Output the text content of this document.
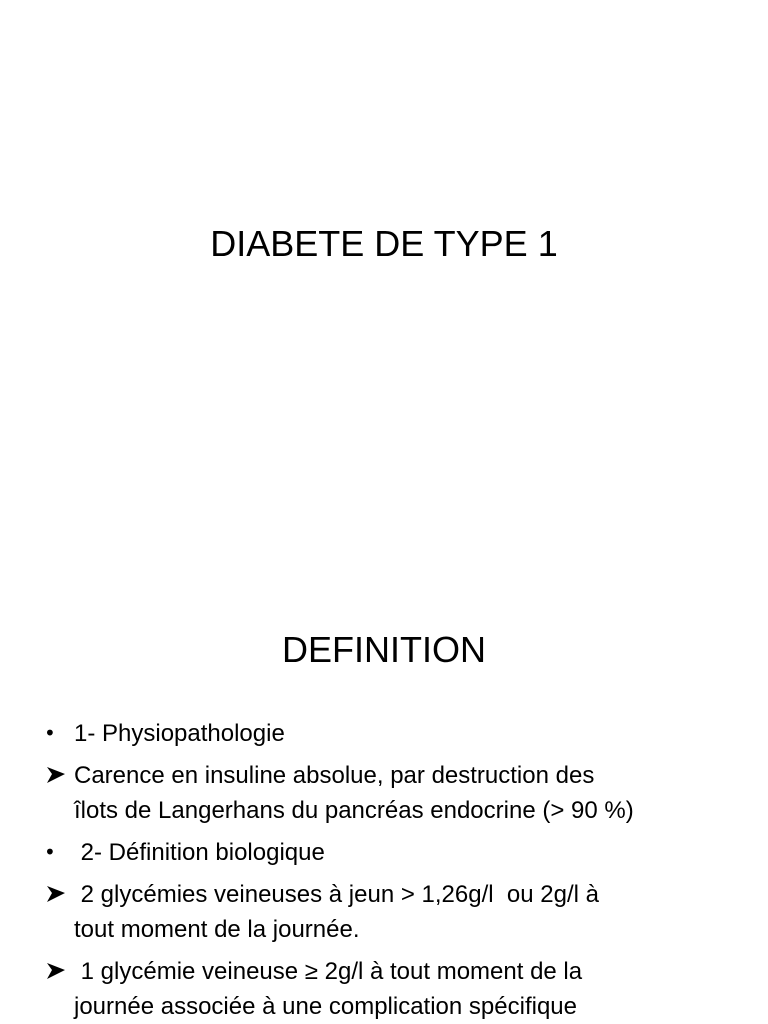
DIABETE DE TYPE 1
DEFINITION
• 1- Physiopathologie
Carence en insuline absolue, par destruction des
îlots de Langerhans du pancréas endocrine (> 90 %)
• 2- Définition biologique
2 glycémies veineuses à jeun > 1,26g/l  ou 2g/l à
tout moment de la journée.
1 glycémie veineuse ≥ 2g/l à tout moment de la
journée associée à une complication spécifique
